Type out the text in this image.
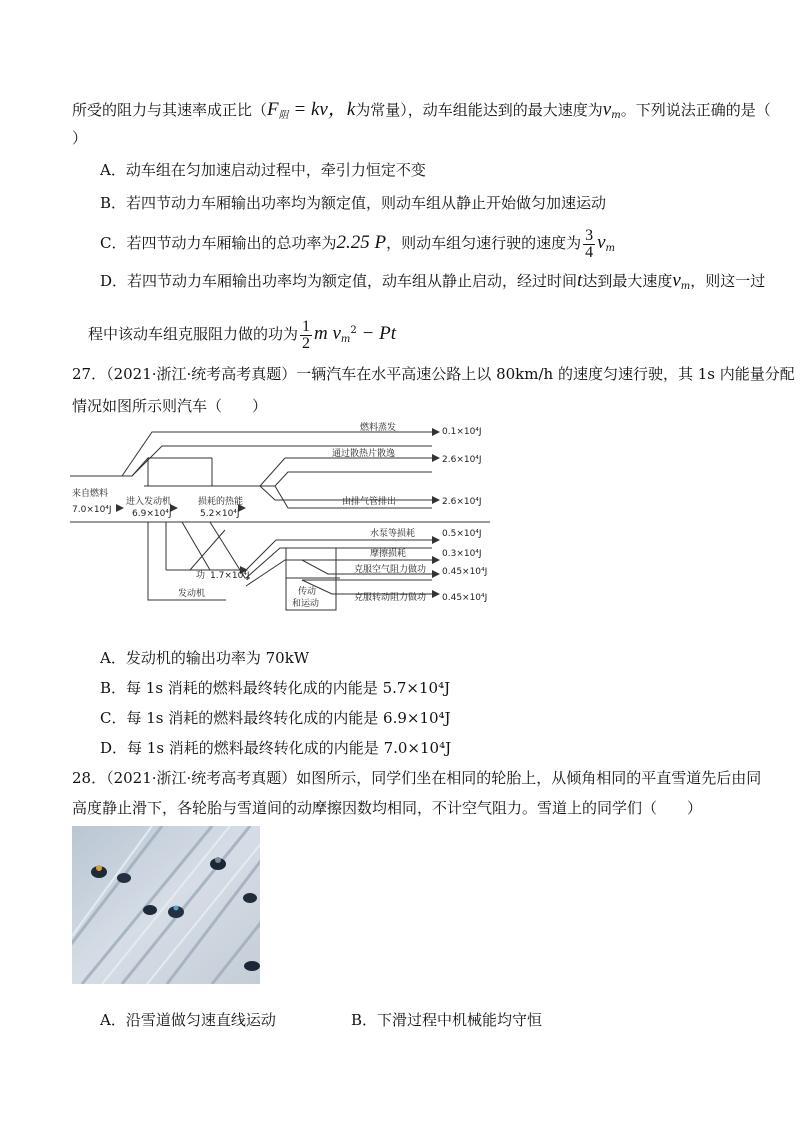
所受的阻力与其速率成正比（$F_阻$ = kv，k为常量），动车组能达到的最大速度为$v_m$。下列说法正确的是（
）
A．动车组在匀加速启动过程中，牵引力恒定不变
B．若四节动力车厢输出功率均为额定值，则动车组从静止开始做匀加速运动
C．若四节动力车厢输出的总功率为2.25 P，则动车组匀速行驶的速度为 $\frac{3}{4} v_m$
D．若四节动力车厢输出功率均为额定值，动车组从静止启动，经过时间t达到最大速度$v_m$，则这一过
程中该动车组克服阻力做的功为 $\frac{1}{2}$ m $v_m^2 - Pt$
27．（2021·浙江·统考高考真题）一辆汽车在水平高速公路上以 80km/h 的速度匀速行驶，其 1s 内能量分配
情况如图所示则汽车（　　）
来自燃料
7.0×10⁴J
进入发动机
6.9×10⁴J
损耗的热能
5.2×10⁴J
功 1.7×10⁴J
发动机	传动
和运动
燃料蒸发	0.1×10⁴J
通过散热片散逸
2.6×10⁴J
由排气管排出	2.6×10⁴J
水泵等损耗	0.5×10⁴J
摩擦损耗	0.3×10⁴J
克服空气阻力做功 0.45×10⁴J
克服转动阻力做功 0.45×10⁴J
A．发动机的输出功率为 70kW
B．每 1s 消耗的燃料最终转化成的内能是 5.7×10⁴J
C．每 1s 消耗的燃料最终转化成的内能是 6.9×10⁴J
D．每 1s 消耗的燃料最终转化成的内能是 7.0×10⁴J
28．（2021·浙江·统考高考真题）如图所示，同学们坐在相同的轮胎上，从倾角相同的平直雪道先后由同
高度静止滑下，各轮胎与雪道间的动摩擦因数均相同，不计空气阻力。雪道上的同学们（　　）
A．沿雪道做匀速直线运动	B．下滑过程中机械能均守恒
